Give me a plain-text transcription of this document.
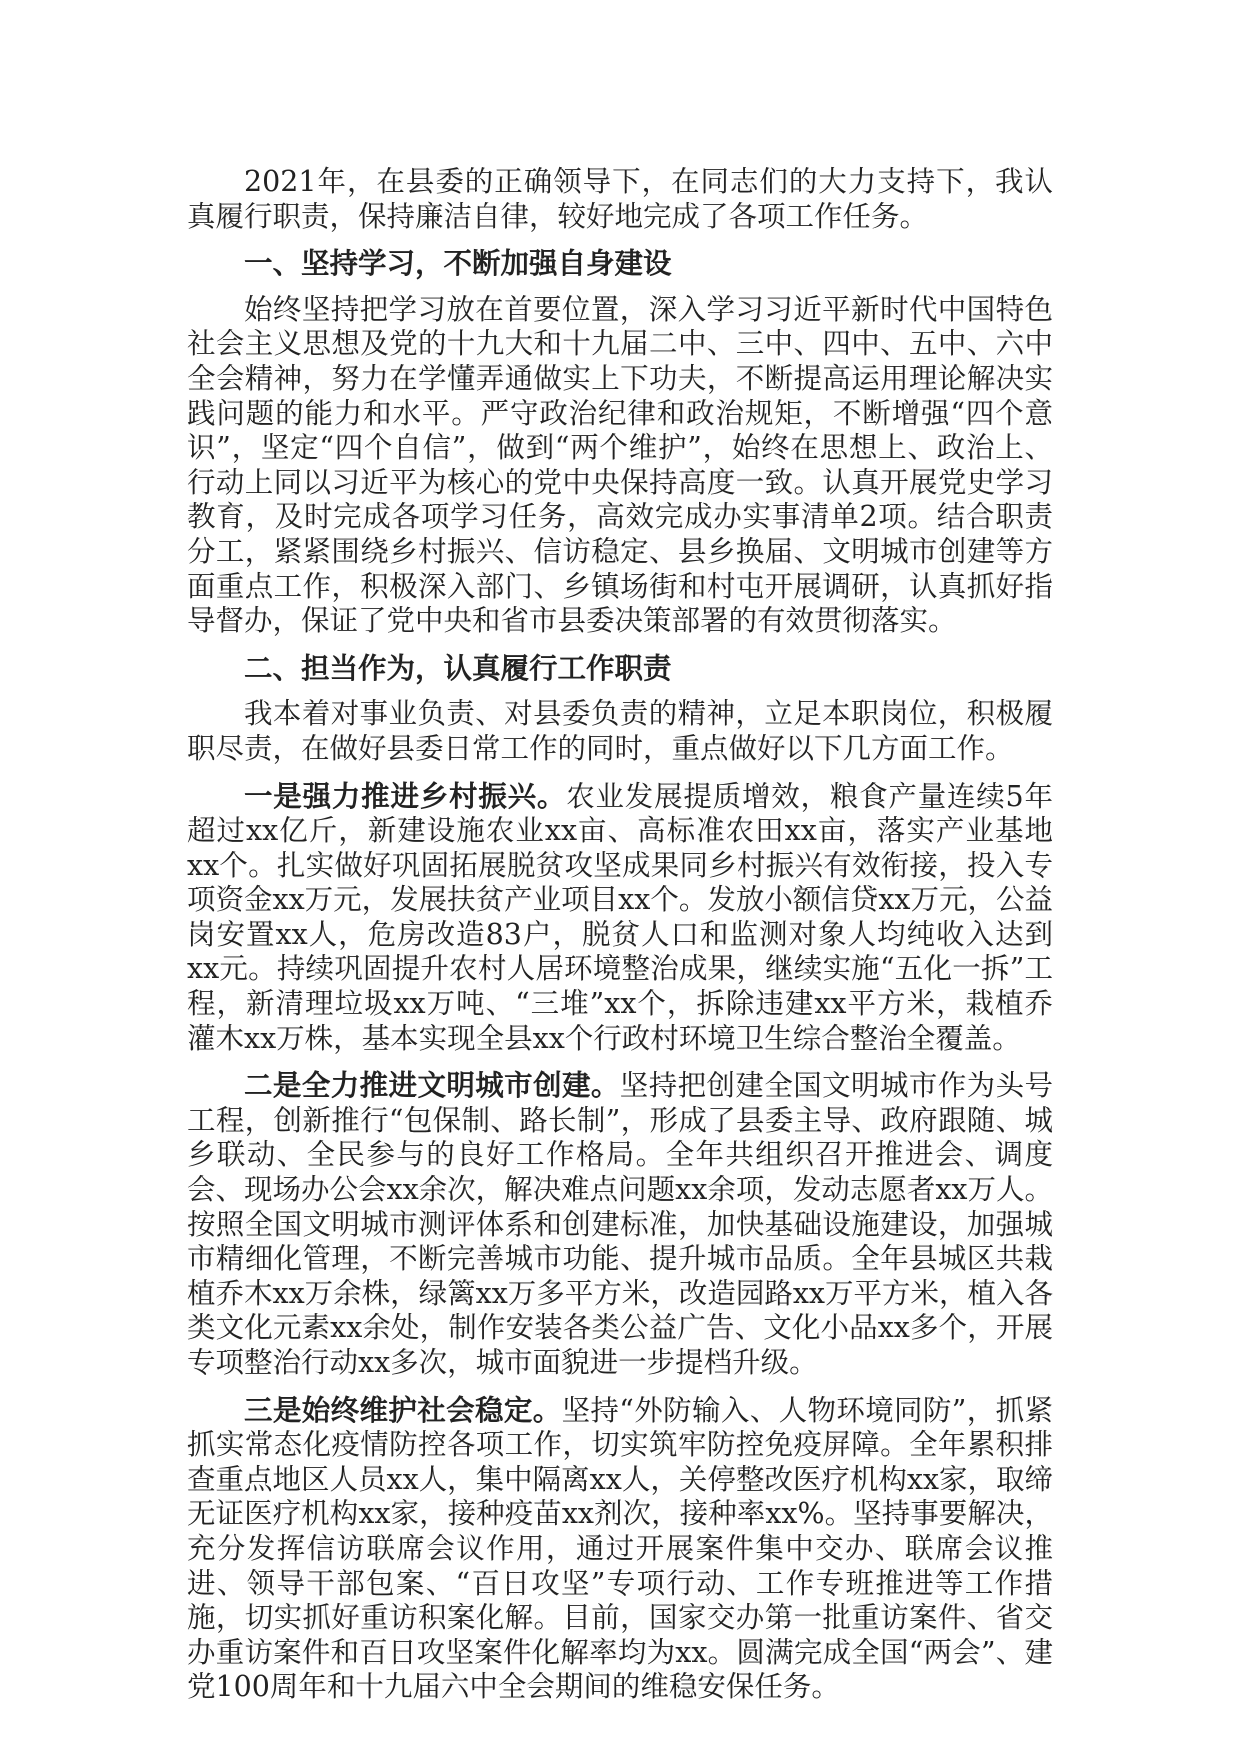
2021年，在县委的正确领导下，在同志们的大力支持下，我认真履行职责，保持廉洁自律，较好地完成了各项工作任务。

一、坚持学习，不断加强自身建设

始终坚持把学习放在首要位置，深入学习习近平新时代中国特色社会主义思想及党的十九大和十九届二中、三中、四中、五中、六中全会精神，努力在学懂弄通做实上下功夫，不断提高运用理论解决实践问题的能力和水平。严守政治纪律和政治规矩，不断增强“四个意识”，坚定“四个自信”，做到“两个维护”，始终在思想上、政治上、行动上同以习近平为核心的党中央保持高度一致。认真开展党史学习教育，及时完成各项学习任务，高效完成办实事清单2项。结合职责分工，紧紧围绕乡村振兴、信访稳定、县乡换届、文明城市创建等方面重点工作，积极深入部门、乡镇场街和村屯开展调研，认真抓好指导督办，保证了党中央和省市县委决策部署的有效贯彻落实。

二、担当作为，认真履行工作职责

我本着对事业负责、对县委负责的精神，立足本职岗位，积极履职尽责，在做好县委日常工作的同时，重点做好以下几方面工作。

一是强力推进乡村振兴。农业发展提质增效，粮食产量连续5年超过xx亿斤，新建设施农业xx亩、高标准农田xx亩，落实产业基地xx个。扎实做好巩固拓展脱贫攻坚成果同乡村振兴有效衔接，投入专项资金xx万元，发展扶贫产业项目xx个。发放小额信贷xx万元，公益岗安置xx人，危房改造83户，脱贫人口和监测对象人均纯收入达到xx元。持续巩固提升农村人居环境整治成果，继续实施“五化一拆”工程，新清理垃圾xx万吨、“三堆”xx个，拆除违建xx平方米，栽植乔灌木xx万株，基本实现全县xx个行政村环境卫生综合整治全覆盖。

二是全力推进文明城市创建。坚持把创建全国文明城市作为头号工程，创新推行“包保制、路长制”，形成了县委主导、政府跟随、城乡联动、全民参与的良好工作格局。全年共组织召开推进会、调度会、现场办公会xx余次，解决难点问题xx余项，发动志愿者xx万人。按照全国文明城市测评体系和创建标准，加快基础设施建设，加强城市精细化管理，不断完善城市功能、提升城市品质。全年县城区共栽植乔木xx万余株，绿篱xx万多平方米，改造园路xx万平方米，植入各类文化元素xx余处，制作安装各类公益广告、文化小品xx多个，开展专项整治行动xx多次，城市面貌进一步提档升级。

三是始终维护社会稳定。坚持“外防输入、人物环境同防”，抓紧抓实常态化疫情防控各项工作，切实筑牢防控免疫屏障。全年累积排查重点地区人员xx人，集中隔离xx人，关停整改医疗机构xx家，取缔无证医疗机构xx家，接种疫苗xx剂次，接种率xx%。坚持事要解决，充分发挥信访联席会议作用，通过开展案件集中交办、联席会议推进、领导干部包案、“百日攻坚”专项行动、工作专班推进等工作措施，切实抓好重访积案化解。目前，国家交办第一批重访案件、省交办重访案件和百日攻坚案件化解率均为xx。圆满完成全国“两会”、建党100周年和十九届六中全会期间的维稳安保任务。
